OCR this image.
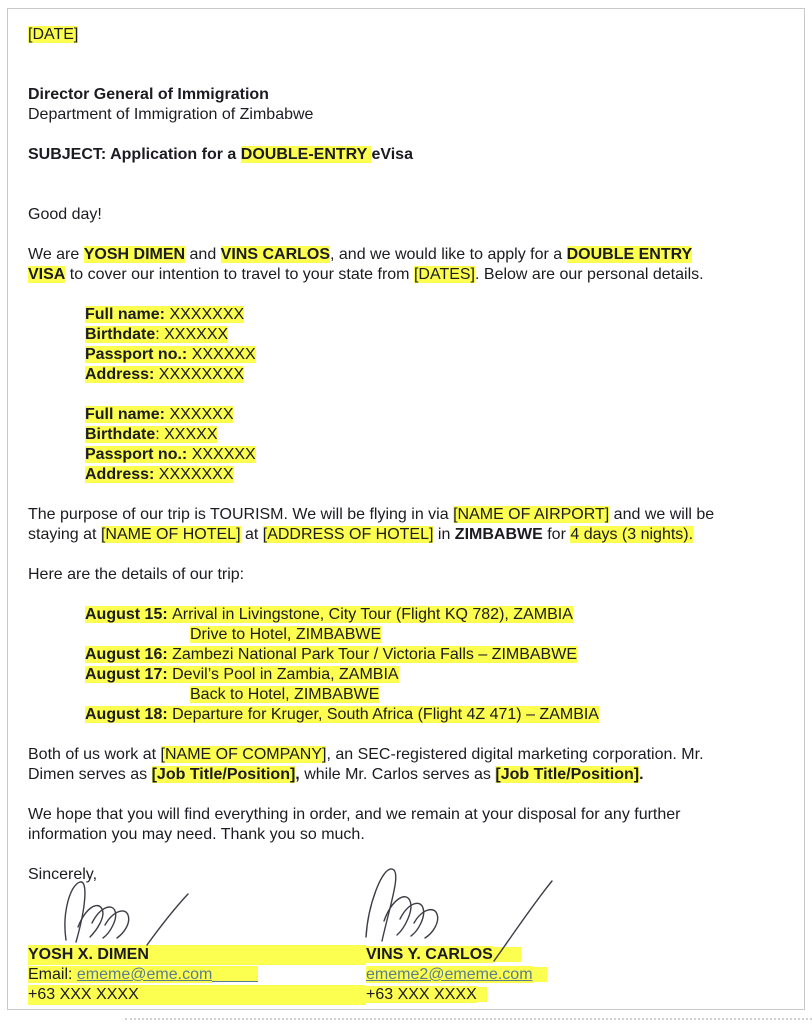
[DATE]

Director General of Immigration
Department of Immigration of Zimbabwe

SUBJECT: Application for a DOUBLE-ENTRY eVisa

Good day!

We are YOSH DIMEN and VINS CARLOS, and we would like to apply for a DOUBLE ENTRY
VISA to cover our intention to travel to your state from [DATES]. Below are our personal details.

Full name: XXXXXXX
Birthdate: XXXXXX
Passport no.: XXXXXX
Address: XXXXXXXX

Full name: XXXXXX
Birthdate: XXXXX
Passport no.: XXXXXX
Address: XXXXXXX

The purpose of our trip is TOURISM. We will be flying in via [NAME OF AIRPORT] and we will be
staying at [NAME OF HOTEL] at [ADDRESS OF HOTEL] in ZIMBABWE for 4 days (3 nights).

Here are the details of our trip:

August 15: Arrival in Livingstone, City Tour (Flight KQ 782), ZAMBIA
Drive to Hotel, ZIMBABWE
August 16: Zambezi National Park Tour / Victoria Falls – ZIMBABWE
August 17: Devil’s Pool in Zambia, ZAMBIA
Back to Hotel, ZIMBABWE
August 18: Departure for Kruger, South Africa (Flight 4Z 471) – ZAMBIA

Both of us work at [NAME OF COMPANY], an SEC-registered digital marketing corporation. Mr.
Dimen serves as [Job Title/Position], while Mr. Carlos serves as [Job Title/Position].

We hope that you will find everything in order, and we remain at your disposal for any further
information you may need. Thank you so much.

Sincerely,

YOSH X. DIMEN	VINS Y. CARLOS
Email: ememe@eme.com	ememe2@ememe.com
+63 XXX XXXX	+63 XXX XXXX
